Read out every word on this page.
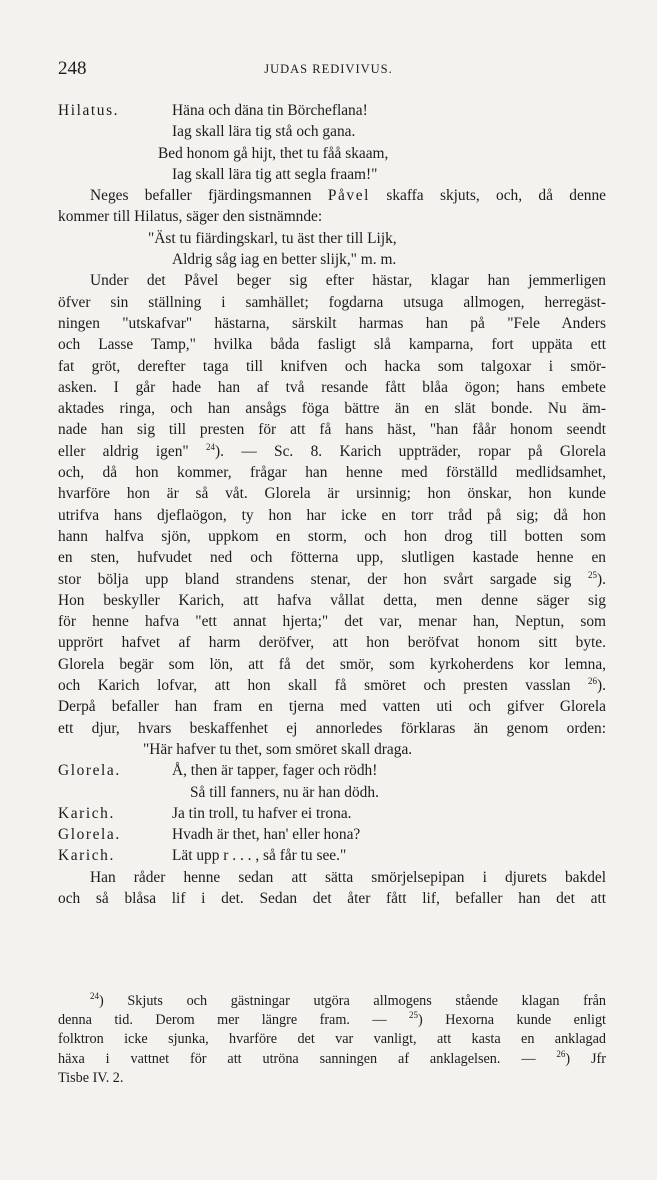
248	JUDAS REDIVIVUS.
Hilatus.	Häna och däna tin Börcheflana!
Iag skall lära tig stå och gana.
Bed honom gå hijt, thet tu fåå skaam,
Iag skall lära tig att segla fraam!"
Neges befaller fjärdingsmannen Påvel skaffa skjuts, och, då denne
kommer till Hilatus, säger den sistnämnde:
"Äst tu fiärdingskarl, tu äst ther till Lijk,
Aldrig såg iag en better slijk," m. m.
Under det Påvel beger sig efter hästar, klagar han jemmerligen
öfver sin ställning i samhället; fogdarna utsuga allmogen, herregäst-
ningen "utskafvar" hästarna, särskilt harmas han på "Fele Anders
och Lasse Tamp," hvilka båda fasligt slå kamparna, fort uppäta ett
fat gröt, derefter taga till knifven och hacka som talgoxar i smör-
asken. I går hade han af två resande fått blåa ögon; hans embete
aktades ringa, och han ansågs föga bättre än en slät bonde. Nu äm-
nade han sig till presten för att få hans häst, "han fåår honom seendt
eller aldrig igen" $^{24}$). — Sc. 8. Karich uppträder, ropar på Glorela
och, då hon kommer, frågar han henne med förställd medlidsamhet,
hvarföre hon är så våt. Glorela är ursinnig; hon önskar, hon kunde
utrifva hans djeflaögon, ty hon har icke en torr tråd på sig; då hon
hann halfva sjön, uppkom en storm, och hon drog till botten som
en sten, hufvudet ned och fötterna upp, slutligen kastade henne en
stor bölja upp bland strandens stenar, der hon svårt sargade sig $^{25}$).
Hon beskyller Karich, att hafva vållat detta, men denne säger sig
för henne hafva "ett annat hjerta;" det var, menar han, Neptun, som
upprört hafvet af harm deröfver, att hon beröfvat honom sitt byte.
Glorela begär som lön, att få det smör, som kyrkoherdens kor lemna,
och Karich lofvar, att hon skall få smöret och presten vasslan $^{26}$).
Derpå befaller han fram en tjerna med vatten uti och gifver Glorela
ett djur, hvars beskaffenhet ej annorledes förklaras än genom orden:
"Här hafver tu thet, som smöret skall draga.
Glorela.	Å, then är tapper, fager och rödh!
Så till fanners, nu är han dödh.
Karich.	Ja tin troll, tu hafver ei trona.
Glorela.	Hvadh är thet, han' eller hona?
Karich.	Lät upp r . . . , så får tu see."
Han råder henne sedan att sätta smörjelsepipan i djurets bakdel
och så blåsa lif i det. Sedan det åter fått lif, befaller han det att
$^{24}$) Skjuts och gästningar utgöra allmogens stående klagan från
denna tid. Derom mer längre fram. — $^{25}$) Hexorna kunde enligt
folktron icke sjunka, hvarföre det var vanligt, att kasta en anklagad
häxa i vattnet för att utröna sanningen af anklagelsen. — $^{26}$) Jfr
Tisbe IV. 2.
